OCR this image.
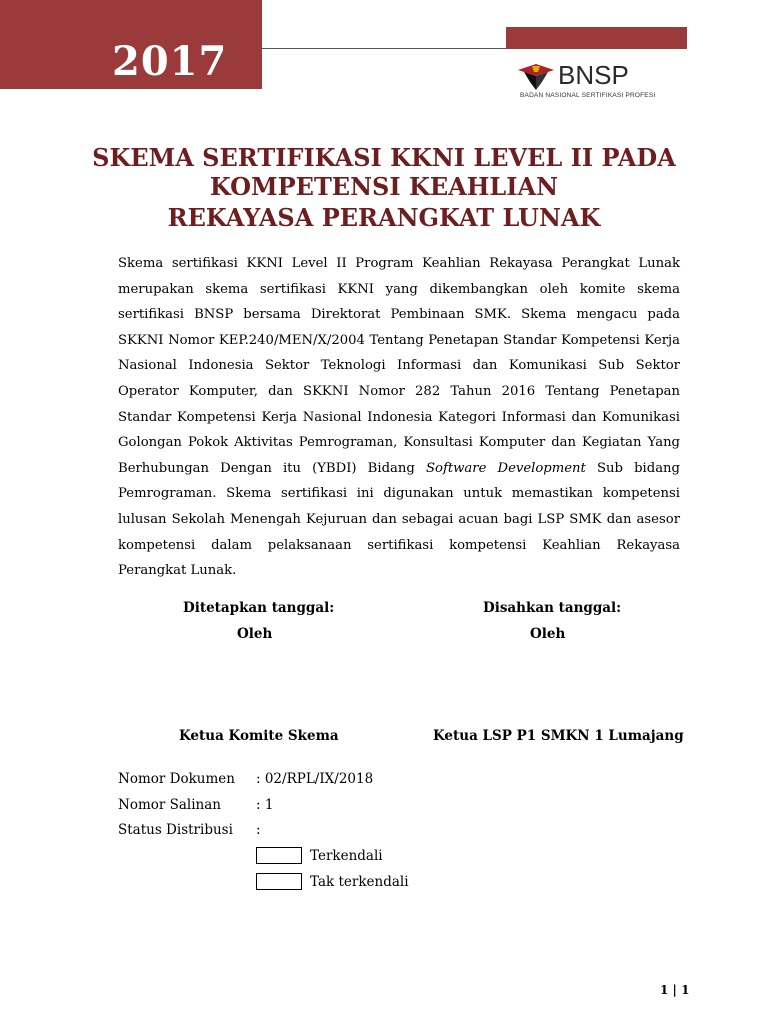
2017	BNSP
BADAN NASIONAL SERTIFIKASI PROFESI
SKEMA SERTIFIKASI KKNI LEVEL II PADA
KOMPETENSI KEAHLIAN
REKAYASA PERANGKAT LUNAK
Skema sertifikasi KKNI Level II Program Keahlian Rekayasa Perangkat Lunak merupakan skema sertifikasi KKNI yang dikembangkan oleh komite skema sertifikasi BNSP bersama Direktorat Pembinaan SMK. Skema mengacu pada SKKNI Nomor KEP.240/MEN/X/2004 Tentang Penetapan Standar Kompetensi Kerja Nasional Indonesia Sektor Teknologi Informasi dan Komunikasi Sub Sektor Operator Komputer, dan SKKNI Nomor 282 Tahun 2016 Tentang Penetapan Standar Kompetensi Kerja Nasional Indonesia Kategori Informasi dan Komunikasi Golongan Pokok Aktivitas Pemrograman, Konsultasi Komputer dan Kegiatan Yang Berhubungan Dengan itu (YBDI) Bidang Software Development Sub bidang Pemrograman. Skema sertifikasi ini digunakan untuk memastikan kompetensi lulusan Sekolah Menengah Kejuruan dan sebagai acuan bagi LSP SMK dan asesor kompetensi dalam pelaksanaan sertifikasi kompetensi Keahlian Rekayasa Perangkat Lunak.
Ditetapkan tanggal:
Oleh
Disahkan tanggal:
Oleh
Ketua Komite Skema	Ketua LSP P1 SMKN 1 Lumajang
Nomor Dokumen : 02/RPL/IX/2018
Nomor Salinan	: 1
Status Distribusi :
Terkendali
Tak terkendali
1 | 1
